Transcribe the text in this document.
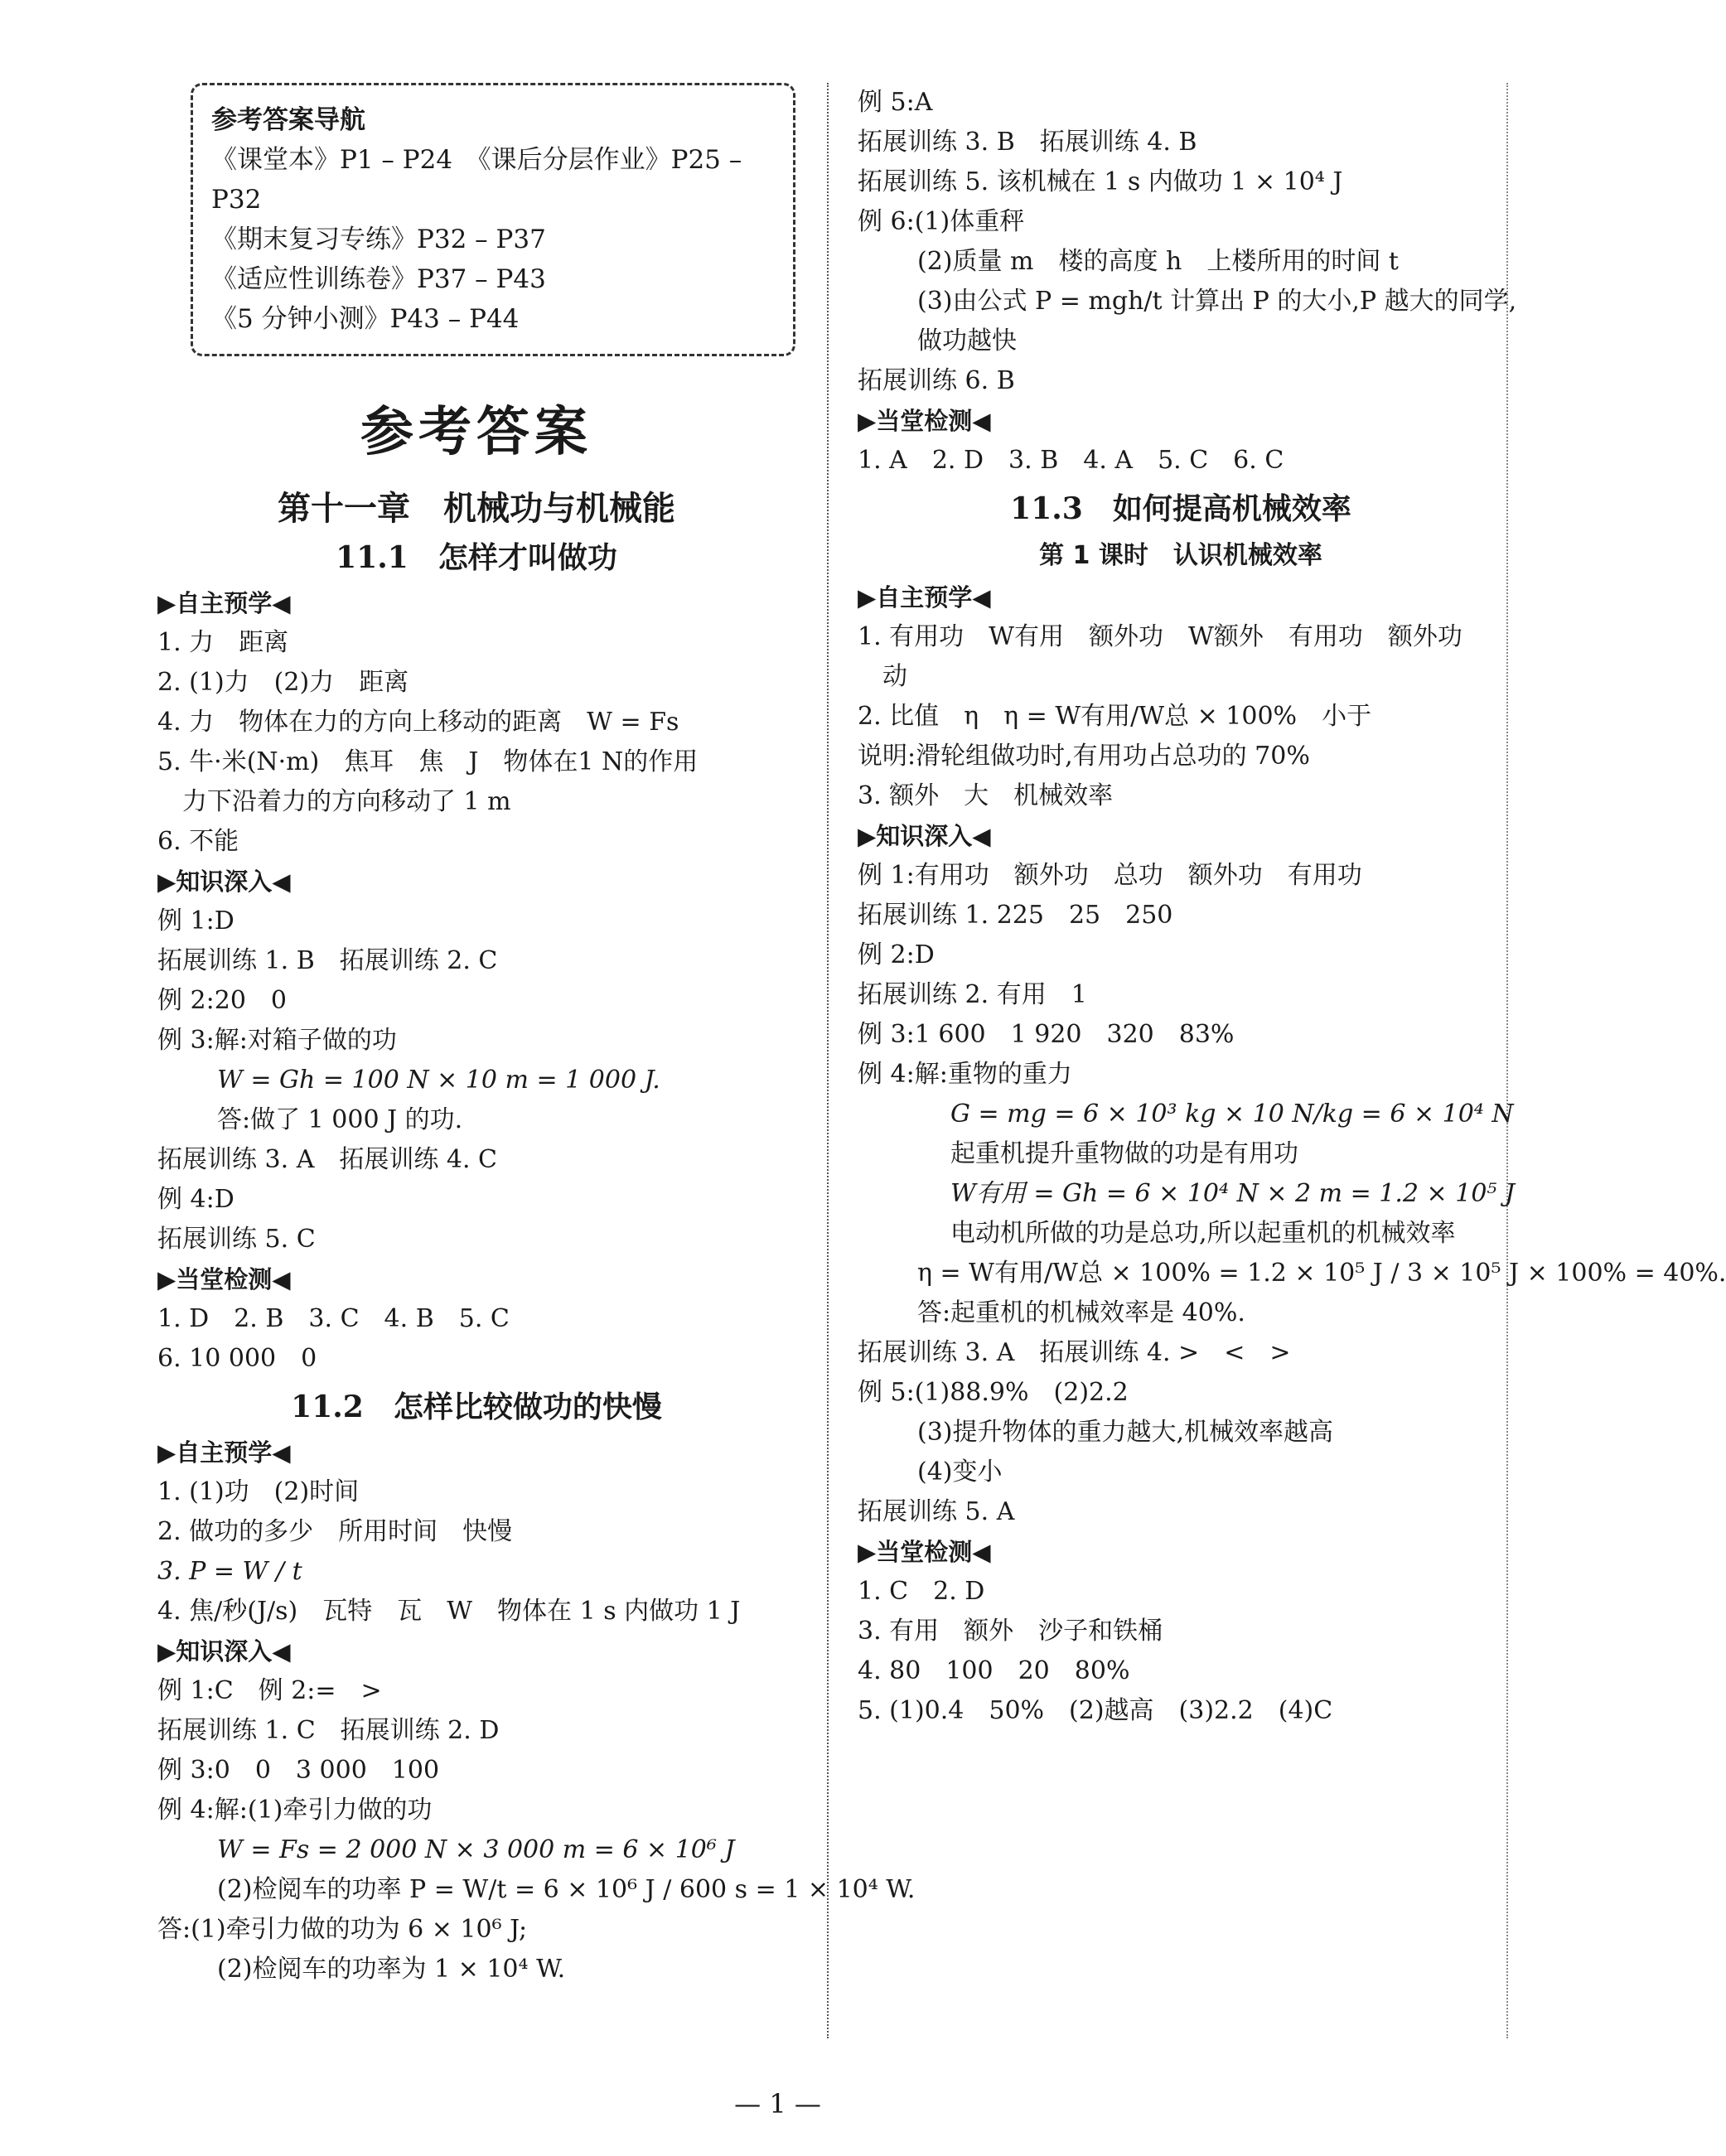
参考答案导航
《课堂本》P1 – P24　《课后分层作业》P25 – P32
《期末复习专练》P32 – P37
《适应性训练卷》P37 – P43
《5 分钟小测》P43 – P44
参考答案
第十一章　机械功与机械能
11.1　怎样才叫做功
▶自主预学◀
1. 力　距离
2. (1)力　(2)力　距离
4. 力　物体在力的方向上移动的距离　W = Fs
5. 牛·米(N·m)　焦耳　焦　J　物体在1 N的作用
力下沿着力的方向移动了 1 m
6. 不能
▶知识深入◀
例 1:D
拓展训练 1. B　拓展训练 2. C
例 2:20　0
例 3:解:对箱子做的功
W = Gh = 100 N × 10 m = 1 000 J.
答:做了 1 000 J 的功.
拓展训练 3. A　拓展训练 4. C
例 4:D
拓展训练 5. C
▶当堂检测◀
1. D　2. B　3. C　4. B　5. C
6. 10 000　0
11.2　怎样比较做功的快慢
▶自主预学◀
1. (1)功　(2)时间
2. 做功的多少　所用时间　快慢
3. P = W / t
4. 焦/秒(J/s)　瓦特　瓦　W　物体在 1 s 内做功 1 J
▶知识深入◀
例 1:C　例 2:=　>
拓展训练 1. C　拓展训练 2. D
例 3:0　0　3 000　100
例 4:解:(1)牵引力做的功
W = Fs = 2 000 N × 3 000 m = 6 × 10⁶ J
(2)检阅车的功率 P = W/t = 6 × 10⁶ J / 600 s = 1 × 10⁴ W.
答:(1)牵引力做的功为 6 × 10⁶ J;
(2)检阅车的功率为 1 × 10⁴ W.
例 5:A
拓展训练 3. B　拓展训练 4. B
拓展训练 5. 该机械在 1 s 内做功 1 × 10⁴ J
例 6:(1)体重秤
(2)质量 m　楼的高度 h　上楼所用的时间 t
(3)由公式 P = mgh/t 计算出 P 的大小,P 越大的同学,
做功越快
拓展训练 6. B
▶当堂检测◀
1. A　2. D　3. B　4. A　5. C　6. C
11.3　如何提高机械效率
第 1 课时　认识机械效率
▶自主预学◀
1. 有用功　W有用　额外功　W额外　有用功　额外功
动
2. 比值　η　η = W有用/W总 × 100%　小于
说明:滑轮组做功时,有用功占总功的 70%
3. 额外　大　机械效率
▶知识深入◀
例 1:有用功　额外功　总功　额外功　有用功
拓展训练 1. 225　25　250
例 2:D
拓展训练 2. 有用　1
例 3:1 600　1 920　320　83%
例 4:解:重物的重力
G = mg = 6 × 10³ kg × 10 N/kg = 6 × 10⁴ N
起重机提升重物做的功是有用功
W有用 = Gh = 6 × 10⁴ N × 2 m = 1.2 × 10⁵ J
电动机所做的功是总功,所以起重机的机械效率
η = W有用/W总 × 100% = 1.2 × 10⁵ J / 3 × 10⁵ J × 100% = 40%.
答:起重机的机械效率是 40%.
拓展训练 3. A　拓展训练 4. >　<　>
例 5:(1)88.9%　(2)2.2
(3)提升物体的重力越大,机械效率越高
(4)变小
拓展训练 5. A
▶当堂检测◀
1. C　2. D
3. 有用　额外　沙子和铁桶
4. 80　100　20　80%
5. (1)0.4　50%　(2)越高　(3)2.2　(4)C
— 1 —
